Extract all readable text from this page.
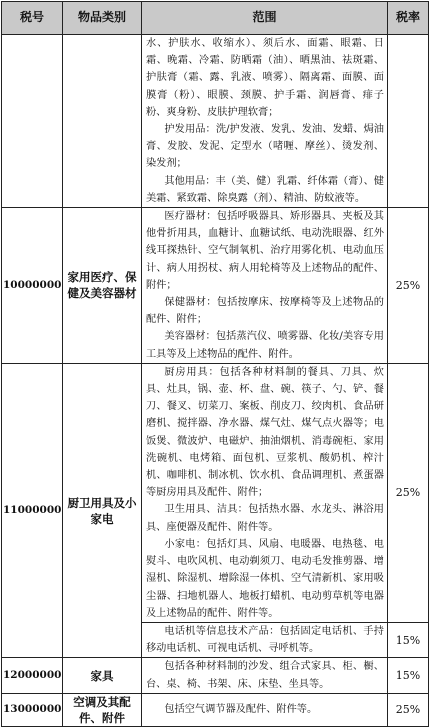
税号	物品类别	范围	税率

		水、护肤水、收缩水）、须后水、面霜、眼霜、日霜、晚霜、冷霜、防晒霜（油）、晒黑油、祛斑霜、护肤膏（霜、露、乳液、喷雾）、隔离霜、面膜、面膜膏（粉）、眼膜、颈膜、护手霜、润唇膏、痱子粉、爽身粉、皮肤护理软膏；

护发用品：洗/护发液、发乳、发油、发蜡、焗油膏、发胶、发泥、定型水（啫喱、摩丝）、烫发剂、染发剂；

其他用品：丰（美、健）乳霜、纤体霜（膏）、健美霜、紧致霜、除臭露（剂）、精油、防蚊液等。	

10000000	家用医疗、保健及美容器材	医疗器材：包括呼吸器具、矫形器具、夹板及其他骨折用具，血糖计、血糖试纸、电动洗眼器、红外线耳探热针、空气制氧机、治疗用雾化机、电动血压计、病人用拐杖、病人用轮椅等及上述物品的配件、附件；

保健器材：包括按摩床、按摩椅等及上述物品的配件、附件；

美容器材：包括蒸汽仪、喷雾器、化妆/美容专用工具等及上述物品的配件、附件。	25%
11000000	厨卫用具及小家电	厨房用具：包括各种材料制的餐具、刀具、炊具、灶具，锅、壶、杯、盘、碗、筷子、勺、铲、餐刀、餐叉、切菜刀、案板、削皮刀、绞肉机、食品研磨机、搅拌器、净水器、煤气灶、煤气点火器等；电饭煲、微波炉、电磁炉、抽油烟机、消毒碗柜、家用洗碗机、电烤箱、面包机、豆浆机、酸奶机、榨汁机、咖啡机、制冰机、饮水机、食品调理机、煮蛋器等厨房用具及配件、附件；

卫生用具、洁具：包括热水器、水龙头、淋浴用具、座便器及配件、附件等。

小家电：包括灯具、风扇、电暖器、电热毯、电熨斗、电吹风机、电动剃须刀、电动毛发推剪器、增湿机、除湿机、增除湿一体机、空气清新机、家用吸尘器、扫地机器人、地板打蜡机、电动剪草机等电器及上述物品的配件、附件等。	25%

		电话机等信息技术产品：包括固定电话机、手持移动电话机、可视电话机、寻呼机等。	15%
12000000	家具	包括各种材料制的沙发、组合式家具、柜、橱、台、桌、椅、书架、床、床垫、坐具等。	15%
13000000	空调及其配件、附件	包括空气调节器及配件、附件等。	25%
